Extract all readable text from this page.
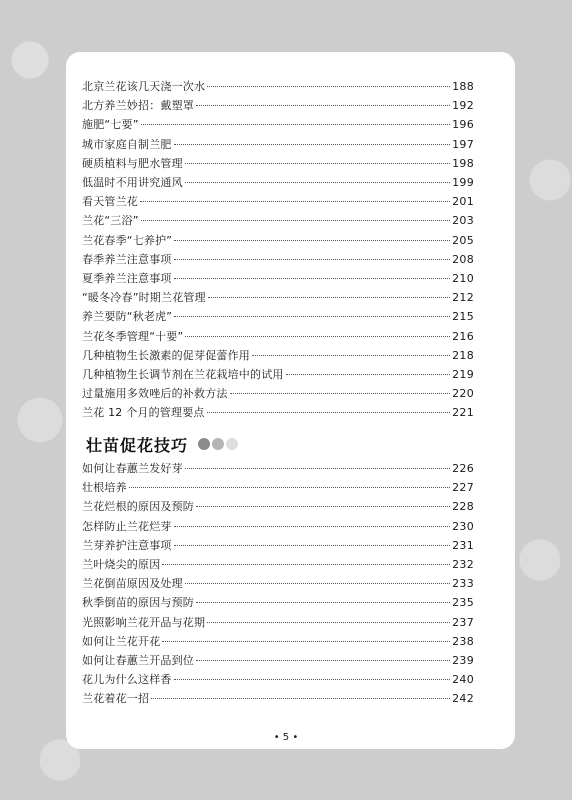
北京兰花该几天浇一次水	188
北方养兰妙招：戴塑罩	192
施肥“七要”	196
城市家庭自制兰肥	197
硬质植料与肥水管理	198
低温时不用讲究通风	199
看天管兰花	201
兰花“三浴”	203
兰花春季“七养护”	205
春季养兰注意事项	208
夏季养兰注意事项	210
“暖冬冷春”时期兰花管理	212
养兰要防“秋老虎”	215
兰花冬季管理“十要”	216
几种植物生长激素的促芽促蕾作用	218
几种植物生长调节剂在兰花栽培中的试用	219
过量施用多效唑后的补救方法	220
兰花 12 个月的管理要点	221
壮苗促花技巧
如何让春蕙兰发好芽	226
壮根培养	227
兰花烂根的原因及预防	228
怎样防止兰花烂芽	230
兰芽养护注意事项	231
兰叶烧尖的原因	232
兰花倒苗原因及处理	233
秋季倒苗的原因与预防	235
光照影响兰花开品与花期	237
如何让兰花开花	238
如何让春蕙兰开品到位	239
花儿为什么这样香	240
兰花着花一招	242
• 5 •
